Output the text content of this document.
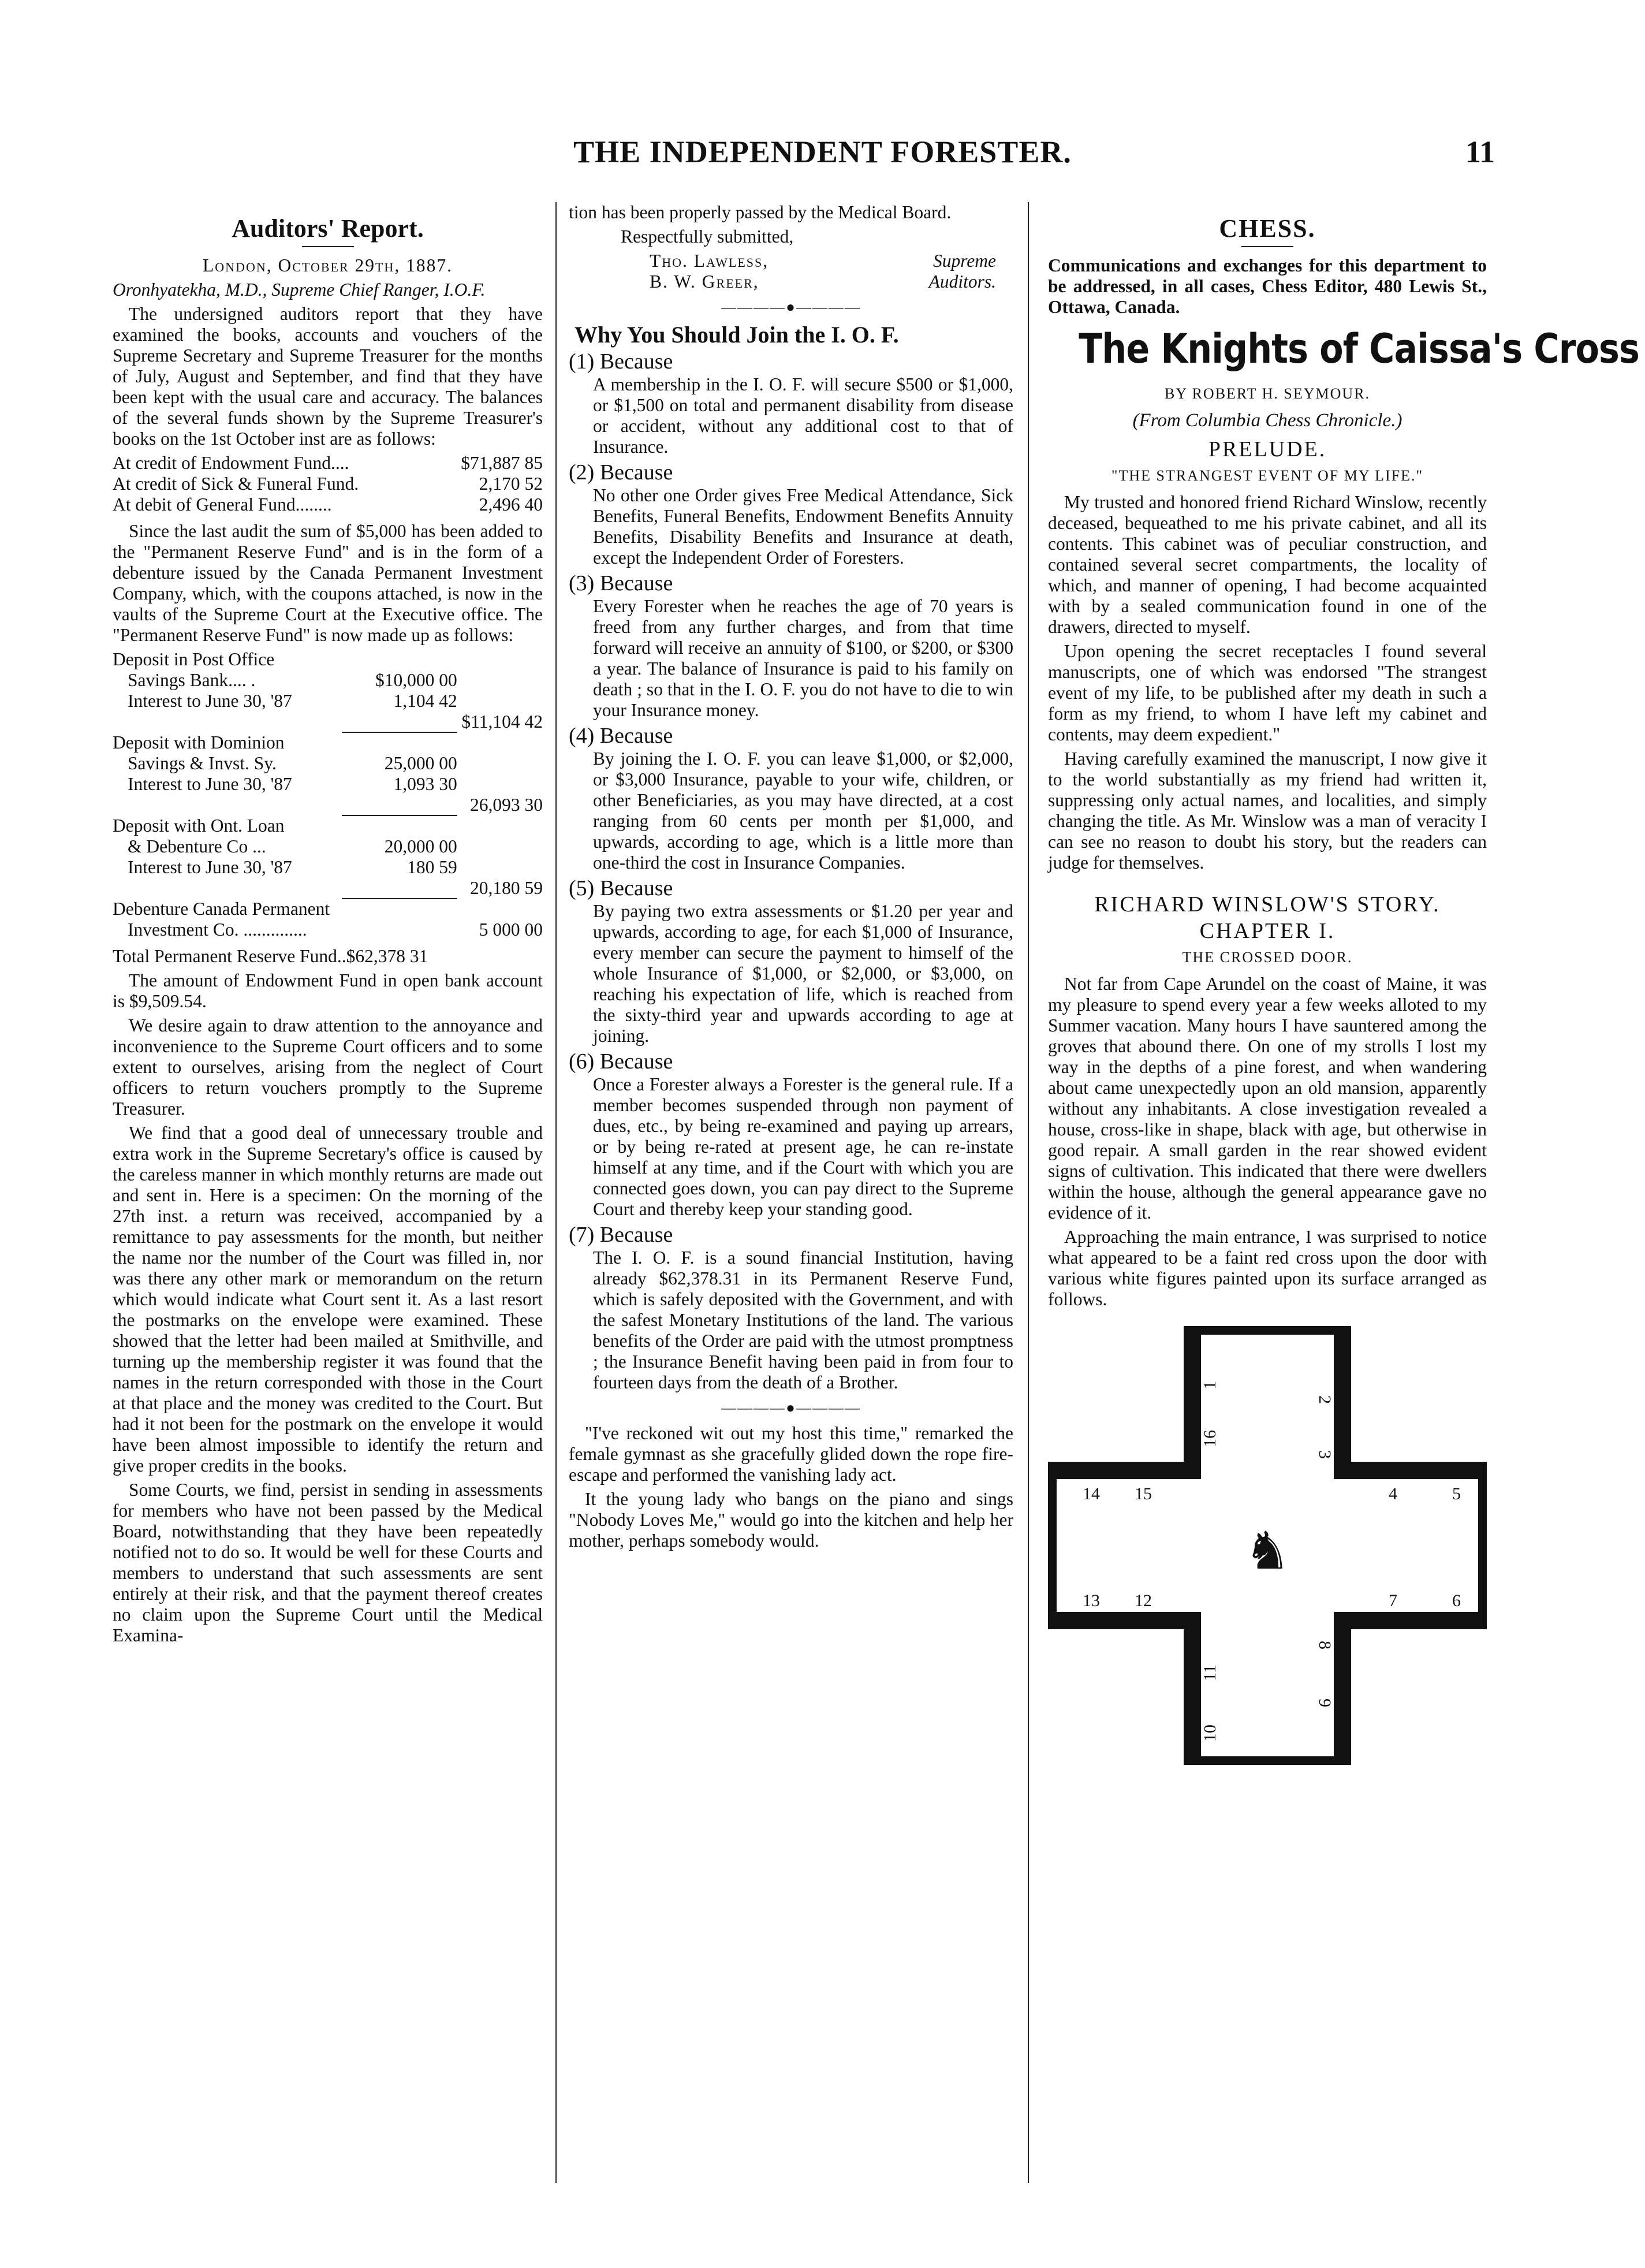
THE INDEPENDENT FORESTER.	11
Auditors' Report.

London, October 29th, 1887.

Oronhyatekha, M.D., Supreme Chief Ranger, I.O.F.

The undersigned auditors report that they have examined the books, accounts and vouchers of the Supreme Secretary and Supreme Treasurer for the months of July, August and September, and find that they have been kept with the usual care and accuracy. The balances of the several funds shown by the Supreme Treasurer's books on the 1st October inst are as follows:

At credit of Endowment Fund....	$71,887 85
At credit of Sick & Funeral Fund.	2,170 52
At debit of General Fund........	2,496 40

Since the last audit the sum of $5,000 has been added to the "Permanent Reserve Fund" and is in the form of a debenture issued by the Canada Permanent Investment Company, which, with the coupons attached, is now in the vaults of the Supreme Court at the Executive office. The "Permanent Reserve Fund" is now made up as follows:

Deposit in Post Office		
Savings Bank.... .	$10,000 00	
Interest to June 30, '87	1,104 42	
		$11,104 42
Deposit with Dominion		
Savings & Invst. Sy.	25,000 00	
Interest to June 30, '87	1,093 30	
		26,093 30
Deposit with Ont. Loan		
& Debenture Co ...	20,000 00	
Interest to June 30, '87	180 59	
		20,180 59
Debenture Canada Permanent		
Investment Co. ..............		5 000 00

Total Permanent Reserve Fund..$62,378 31

The amount of Endowment Fund in open bank account is $9,509.54.

We desire again to draw attention to the annoyance and inconvenience to the Supreme Court officers and to some extent to ourselves, arising from the neglect of Court officers to return vouchers promptly to the Supreme Treasurer.

We find that a good deal of unnecessary trouble and extra work in the Supreme Secretary's office is caused by the careless manner in which monthly returns are made out and sent in. Here is a specimen: On the morning of the 27th inst. a return was received, accompanied by a remittance to pay assessments for the month, but neither the name nor the number of the Court was filled in, nor was there any other mark or memorandum on the return which would indicate what Court sent it. As a last resort the postmarks on the envelope were examined. These showed that the letter had been mailed at Smithville, and turning up the membership register it was found that the names in the return corresponded with those in the Court at that place and the money was credited to the Court. But had it not been for the postmark on the envelope it would have been almost impossible to identify the return and give proper credits in the books.

Some Courts, we find, persist in sending in assessments for members who have not been passed by the Medical Board, notwithstanding that they have been repeatedly notified not to do so. It would be well for these Courts and members to understand that such assessments are sent entirely at their risk, and that the payment thereof creates no claim upon the Supreme Court until the Medical Examina-

tion has been properly passed by the Medical Board.

Respectfully submitted,

Tho. Lawless,	Supreme
B. W. Greer,	Auditors.
————●————
Why You Should Join the I. O. F.
(1) Because

A membership in the I. O. F. will secure $500 or $1,000, or $1,500 on total and permanent disability from disease or accident, without any additional cost to that of Insurance.

(2) Because

No other one Order gives Free Medical Attendance, Sick Benefits, Funeral Benefits, Endowment Benefits Annuity Benefits, Disability Benefits and Insurance at death, except the Independent Order of Foresters.

(3) Because

Every Forester when he reaches the age of 70 years is freed from any further charges, and from that time forward will receive an annuity of $100, or $200, or $300 a year. The balance of Insurance is paid to his family on death ; so that in the I. O. F. you do not have to die to win your Insurance money.

(4) Because

By joining the I. O. F. you can leave $1,000, or $2,000, or $3,000 Insurance, payable to your wife, children, or other Beneficiaries, as you may have directed, at a cost ranging from 60 cents per month per $1,000, and upwards, according to age, which is a little more than one-third the cost in Insurance Companies.

(5) Because

By paying two extra assessments or $1.20 per year and upwards, according to age, for each $1,000 of Insurance, every member can secure the payment to himself of the whole Insurance of $1,000, or $2,000, or $3,000, on reaching his expectation of life, which is reached from the sixty-third year and upwards according to age at joining.

(6) Because

Once a Forester always a Forester is the general rule. If a member becomes suspended through non payment of dues, etc., by being re-examined and paying up arrears, or by being re-rated at present age, he can re-instate himself at any time, and if the Court with which you are connected goes down, you can pay direct to the Supreme Court and thereby keep your standing good.

(7) Because

The I. O. F. is a sound financial Institution, having already $62,378.31 in its Permanent Reserve Fund, which is safely deposited with the Government, and with the safest Monetary Institutions of the land. The various benefits of the Order are paid with the utmost promptness ; the Insurance Benefit having been paid in from four to fourteen days from the death of a Brother.

————●————

"I've reckoned wit out my host this time," remarked the female gymnast as she gracefully glided down the rope fire-escape and performed the vanishing lady act.

It the young lady who bangs on the piano and sings "Nobody Loves Me," would go into the kitchen and help her mother, perhaps somebody would.

CHESS.

Communications and exchanges for this department to be addressed, in all cases, Chess Editor, 480 Lewis St., Ottawa, Canada.

The Knights of Caissa's Cross
BY ROBERT H. SEYMOUR.
(From Columbia Chess Chronicle.)
PRELUDE.
"THE STRANGEST EVENT OF MY LIFE."

My trusted and honored friend Richard Winslow, recently deceased, bequeathed to me his private cabinet, and all its contents. This cabinet was of peculiar construction, and contained several secret compartments, the locality of which, and manner of opening, I had become acquainted with by a sealed communication found in one of the drawers, directed to myself.

Upon opening the secret receptacles I found several manuscripts, one of which was endorsed "The strangest event of my life, to be published after my death in such a form as my friend, to whom I have left my cabinet and contents, may deem expedient."

Having carefully examined the manuscript, I now give it to the world substantially as my friend had written it, suppressing only actual names, and localities, and simply changing the title. As Mr. Winslow was a man of veracity I can see no reason to doubt his story, but the readers can judge for themselves.

RICHARD WINSLOW'S STORY.
CHAPTER I.
THE CROSSED DOOR.

Not far from Cape Arundel on the coast of Maine, it was my pleasure to spend every year a few weeks alloted to my Summer vacation. Many hours I have sauntered among the groves that abound there. On one of my strolls I lost my way in the depths of a pine forest, and when wandering about came unexpectedly upon an old mansion, apparently without any inhabitants. A close investigation revealed a house, cross-like in shape, black with age, but otherwise in good repair. A small garden in the rear showed evident signs of cultivation. This indicated that there were dwellers within the house, although the general appearance gave no evidence of it.

Approaching the main entrance, I was surprised to notice what appeared to be a faint red cross upon the door with various white figures painted upon its surface arranged as follows.

1
2
3
4	5
6
7
8
9
10
11
12
13
14 15
16
♞
